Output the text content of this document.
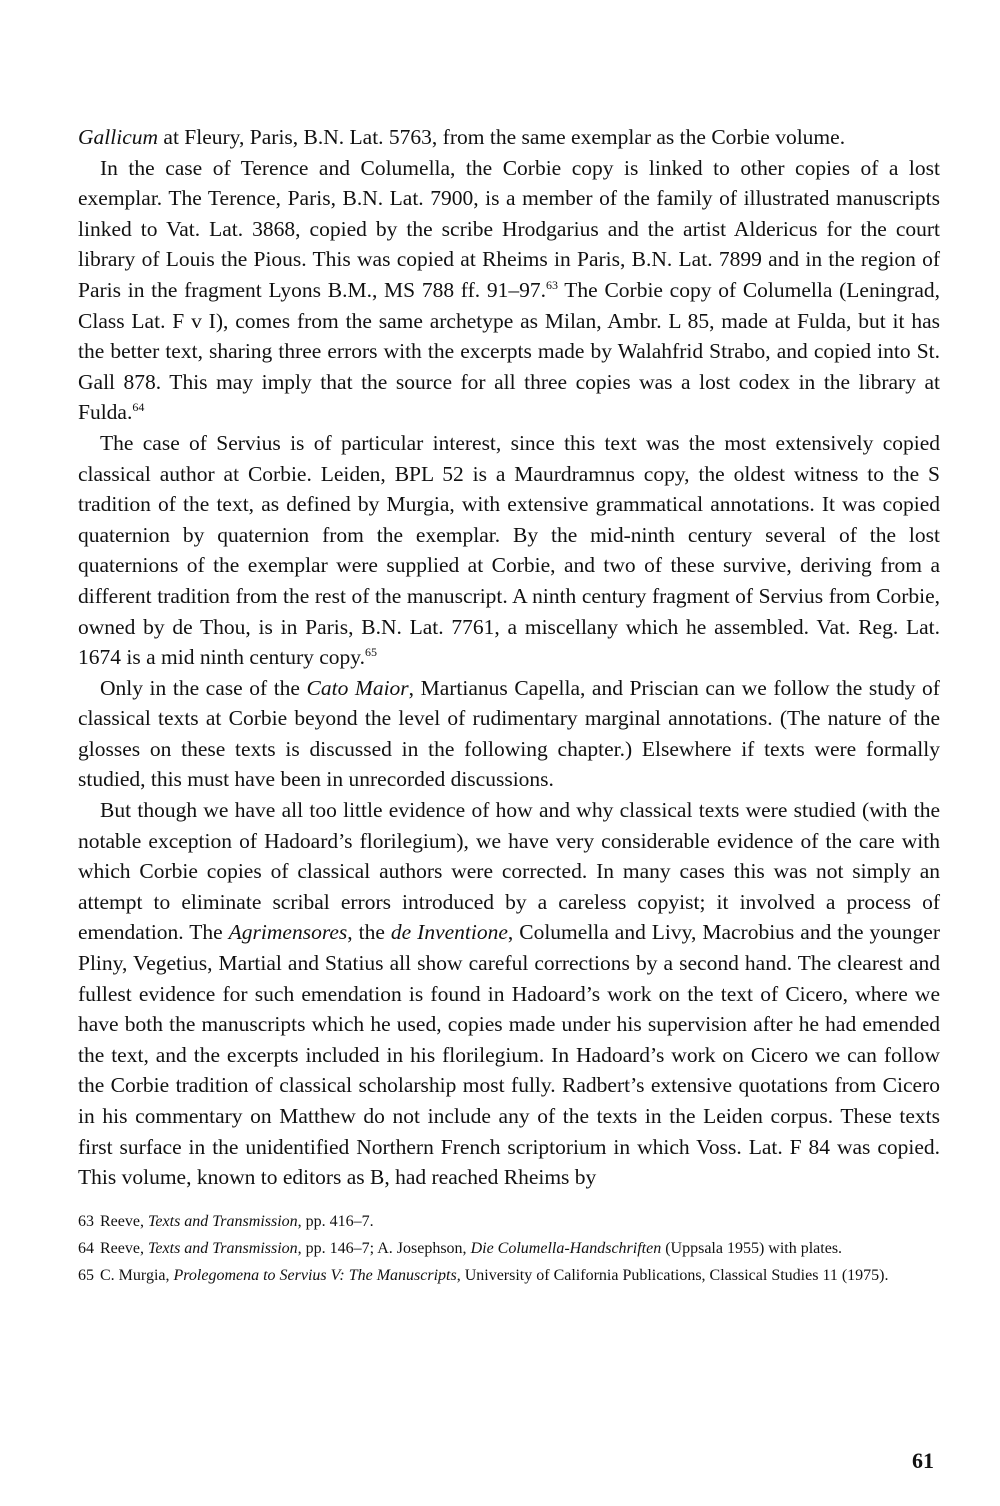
Gallicum at Fleury, Paris, B.N. Lat. 5763, from the same exemplar as the Corbie volume.

In the case of Terence and Columella, the Corbie copy is linked to other copies of a lost exemplar. The Terence, Paris, B.N. Lat. 7900, is a member of the family of illustrated manuscripts linked to Vat. Lat. 3868, copied by the scribe Hrodgarius and the artist Aldericus for the court library of Louis the Pious. This was copied at Rheims in Paris, B.N. Lat. 7899 and in the region of Paris in the fragment Lyons B.M., MS 788 ff. 91–97.63 The Corbie copy of Columella (Leningrad, Class Lat. F v I), comes from the same archetype as Milan, Ambr. L 85, made at Fulda, but it has the better text, sharing three errors with the excerpts made by Walahfrid Strabo, and copied into St. Gall 878. This may imply that the source for all three copies was a lost codex in the library at Fulda.$^{64}$

The case of Servius is of particular interest, since this text was the most extensively copied classical author at Corbie. Leiden, BPL 52 is a Maurdramnus copy, the oldest witness to the S tradition of the text, as defined by Murgia, with extensive grammatical annotations. It was copied quaternion by quaternion from the exemplar. By the mid-ninth century several of the lost quaternions of the exemplar were supplied at Corbie, and two of these survive, deriving from a different tradition from the rest of the manuscript. A ninth century fragment of Servius from Corbie, owned by de Thou, is in Paris, B.N. Lat. 7761, a miscellany which he assembled. Vat. Reg. Lat. 1674 is a mid ninth century copy.$^{65}$

Only in the case of the Cato Maior, Martianus Capella, and Priscian can we follow the study of classical texts at Corbie beyond the level of rudimentary marginal annotations. (The nature of the glosses on these texts is discussed in the following chapter.) Elsewhere if texts were formally studied, this must have been in unrecorded discussions.

But though we have all too little evidence of how and why classical texts were studied (with the notable exception of Hadoard’s florilegium), we have very considerable evidence of the care with which Corbie copies of classical authors were corrected. In many cases this was not simply an attempt to eliminate scribal errors introduced by a careless copyist; it involved a process of emendation. The Agrimensores, the de Inventione, Columella and Livy, Macrobius and the younger Pliny, Vegetius, Martial and Statius all show careful corrections by a second hand. The clearest and fullest evidence for such emendation is found in Hadoard’s work on the text of Cicero, where we have both the manuscripts which he used, copies made under his supervision after he had emended the text, and the excerpts included in his florilegium. In Hadoard’s work on Cicero we can follow the Corbie tradition of classical scholarship most fully. Radbert’s extensive quotations from Cicero in his commentary on Matthew do not include any of the texts in the Leiden corpus. These texts first surface in the unidentified Northern French scriptorium in which Voss. Lat. F 84 was copied. This volume, known to editors as B, had reached Rheims by

63 Reeve, Texts and Transmission, pp. 416–7.

64 Reeve, Texts and Transmission, pp. 146–7; A. Josephson, Die Columella-Handschriften (Uppsala 1955) with plates.

65 C. Murgia, Prolegomena to Servius V: The Manuscripts, University of California Publications, Classical Studies 11 (1975).

61
